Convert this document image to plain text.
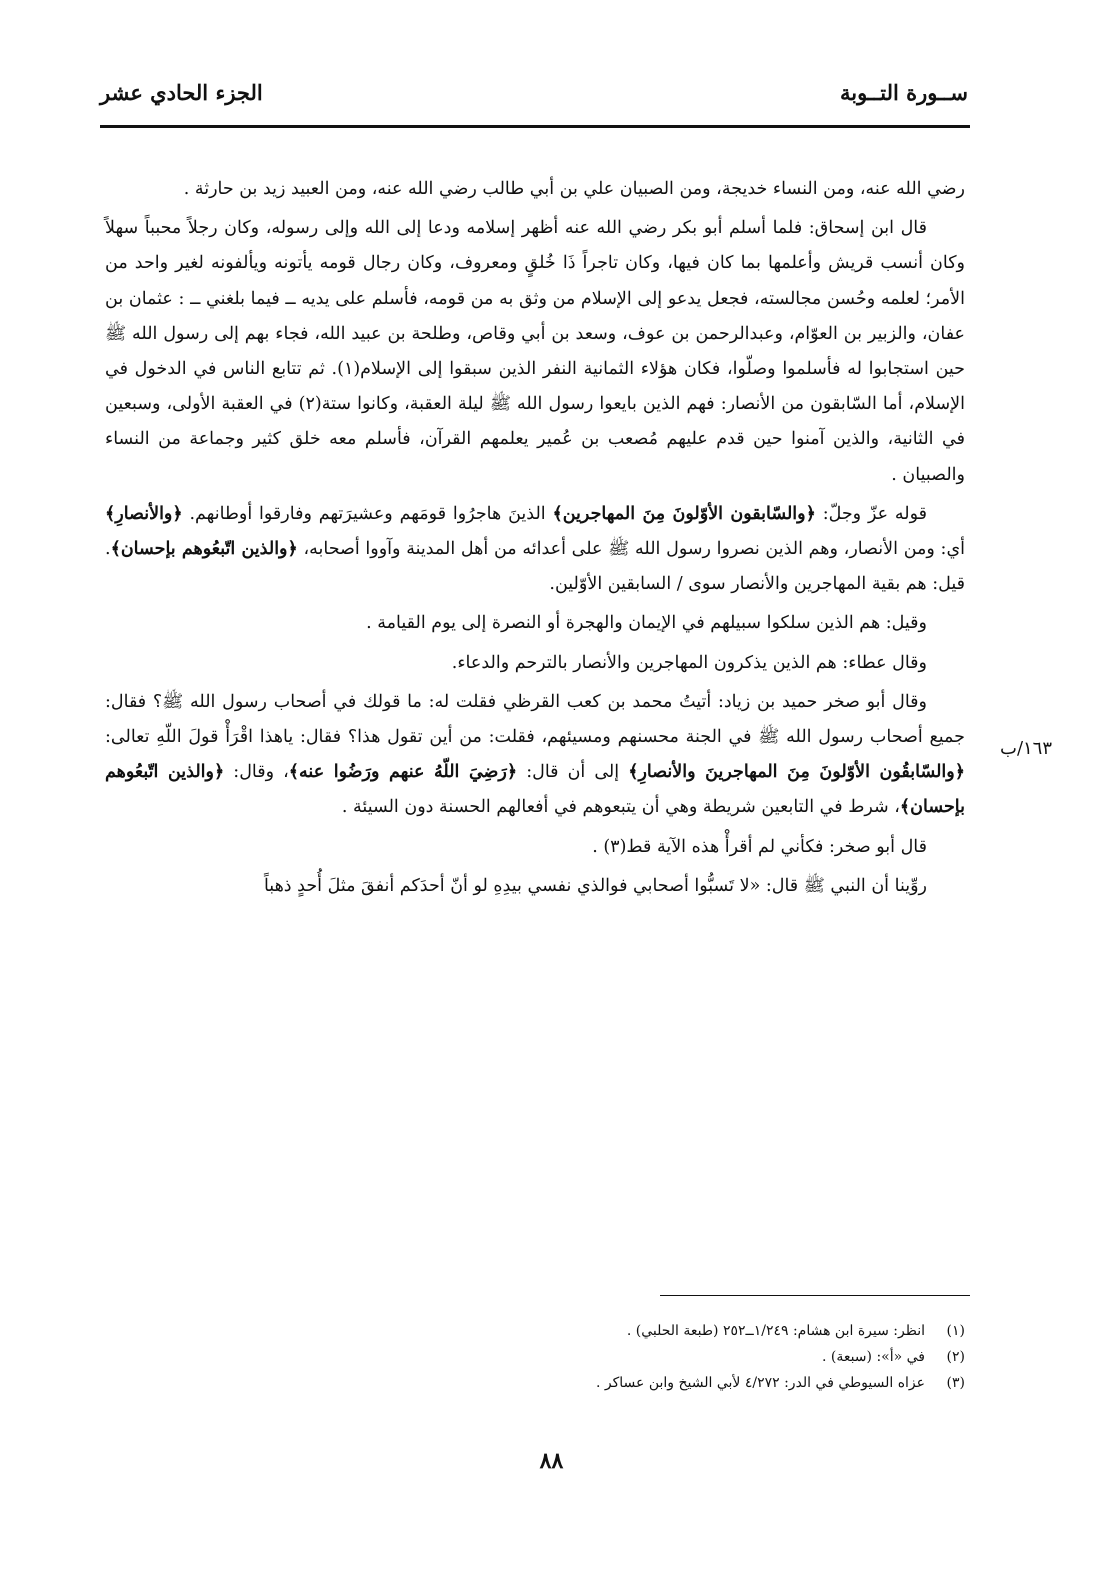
ســورة التــوبة
الجزء الحادي عشر
١٦٣/ب

رضي الله عنه، ومن النساء خديجة، ومن الصبيان علي بن أبي طالب رضي الله عنه، ومن العبيد زيد بن حارثة .

قال ابن إسحاق: فلما أسلم أبو بكر رضي الله عنه أظهر إسلامه ودعا إلى الله وإلى رسوله، وكان رجلاً محبباً سهلاً وكان أنسب قريش وأعلمها بما كان فيها، وكان تاجراً ذَا خُلقٍ ومعروف، وكان رجال قومه يأتونه ويألفونه لغير واحد من الأمر؛ لعلمه وحُسن مجالسته، فجعل يدعو إلى الإسلام من وثق به من قومه، فأسلم على يديه ــ فيما بلغني ــ : عثمان بن عفان، والزبير بن العوّام، وعبدالرحمن بن عوف، وسعد بن أبي وقاص، وطلحة بن عبيد الله، فجاء بهم إلى رسول الله ﷺ حين استجابوا له فأسلموا وصلّوا، فكان هؤلاء الثمانية النفر الذين سبقوا إلى الإسلام(١). ثم تتابع الناس في الدخول في الإسلام، أما السّابقون من الأنصار: فهم الذين بايعوا رسول الله ﷺ ليلة العقبة، وكانوا ستة(٢) في العقبة الأولى، وسبعين في الثانية، والذين آمنوا حين قدم عليهم مُصعب بن عُمير يعلمهم القرآن، فأسلم معه خلق كثير وجماعة من النساء والصبيان .

قوله عزّ وجلّ: ﴿والسّابقون الأوّلونَ مِنَ المهاجرين﴾ الذينَ هاجرُوا قومَهم وعشيرَتهم وفارقوا أوطانهم. ﴿والأنصارِ﴾ أي: ومن الأنصار، وهم الذين نصروا رسول الله ﷺ على أعدائه من أهل المدينة وآووا أصحابه، ﴿والذين اتّبعُوهم بإحسان﴾. قيل: هم بقية المهاجرين والأنصار سوى / السابقين الأوّلين.

وقيل: هم الذين سلكوا سبيلهم في الإيمان والهجرة أو النصرة إلى يوم القيامة .

وقال عطاء: هم الذين يذكرون المهاجرين والأنصار بالترحم والدعاء.

وقال أبو صخر حميد بن زياد: أتيتُ محمد بن كعب القرظي فقلت له: ما قولك في أصحاب رسول الله ﷺ؟ فقال: جميع أصحاب رسول الله ﷺ في الجنة محسنهم ومسيئهم، فقلت: من أين تقول هذا؟ فقال: ياهذا اقْرَأْ قولَ اللّهِ تعالى: ﴿والسّابقُون الأوّلونَ مِنَ المهاجرينَ والأنصارِ﴾ إلى أن قال: ﴿رَضِيَ اللّهُ عنهم ورَضُوا عنه﴾، وقال: ﴿والذين اتّبعُوهم بإحسان﴾، شرط في التابعين شريطة وهي أن يتبعوهم في أفعالهم الحسنة دون السيئة .

قال أبو صخر: فكأني لم أقرأْ هذه الآية قط(٣) .

روِّينا أن النبي ﷺ قال: «لا تَسبُّوا أصحابي فوالذي نفسي بيدِهِ لو أنّ أحدَكم أنفقَ مثلَ أُحدٍ ذهباً

(١)
انظر: سيرة ابن هشام: ١/٢٤٩ــ٢٥٢ (طبعة الحلبي) .
(٢)
في «أ»: (سبعة) .
(٣)
عزاه السيوطي في الدر: ٤/٢٧٢ لأبي الشيخ وابن عساكر .
٨٨
